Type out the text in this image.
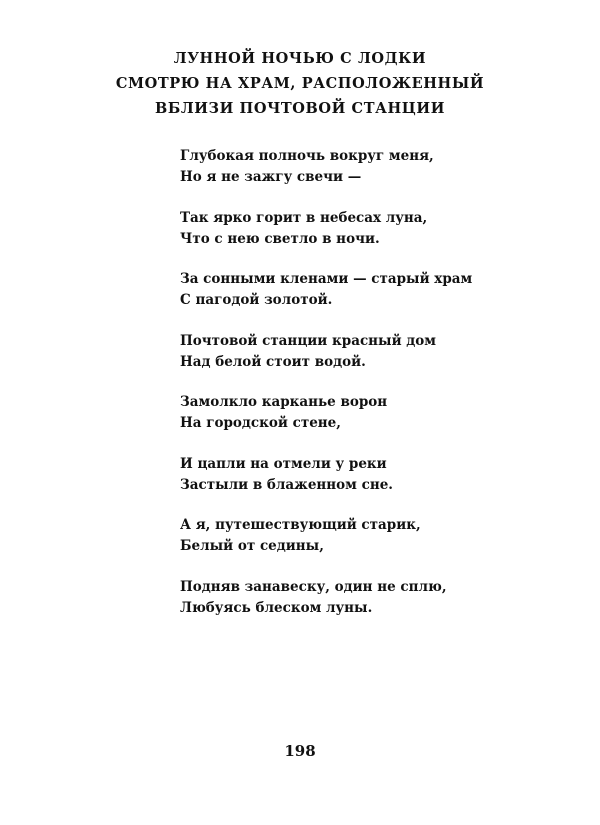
ЛУННОЙ НОЧЬЮ С ЛОДКИ
СМОТРЮ НА ХРАМ, РАСПОЛОЖЕННЫЙ
ВБЛИЗИ ПОЧТОВОЙ СТАНЦИИ
Глубокая полночь вокруг меня,
Но я не зажгу свечи —
Так ярко горит в небесах луна,
Что с нею светло в ночи.
За сонными кленами — старый храм
С пагодой золотой.
Почтовой станции красный дом
Над белой стоит водой.
Замолкло карканье ворон
На городской стене,
И цапли на отмели у реки
Застыли в блаженном сне.
А я, путешествующий старик,
Белый от седины,
Подняв занавеску, один не сплю,
Любуясь блеском луны.
198
